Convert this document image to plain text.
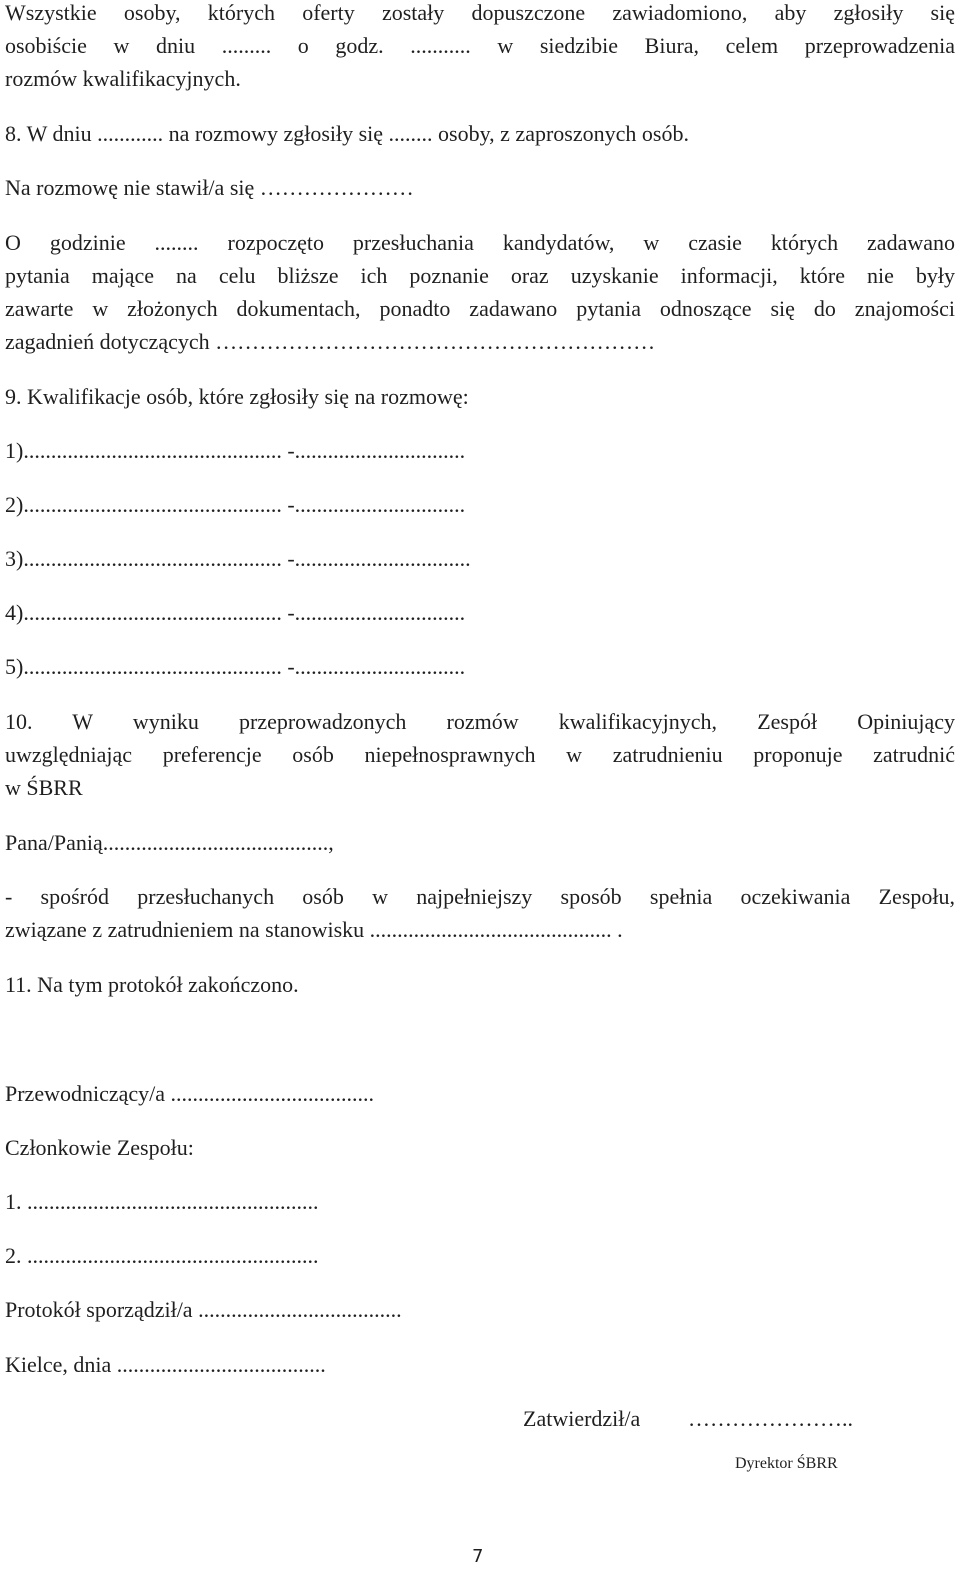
Wszystkie osoby, których oferty zostały dopuszczone zawiadomiono, aby zgłosiły się

osobiście w dniu ......... o godz. ........... w siedzibie Biura, celem przeprowadzenia

rozmów kwalifikacyjnych.

8. W dniu ............ na rozmowy zgłosiły się ........ osoby, z zaproszonych osób.

Na rozmowę nie stawił/a się …………………

O godzinie ........ rozpoczęto przesłuchania kandydatów, w czasie których zadawano

pytania mające na celu bliższe ich poznanie oraz uzyskanie informacji, które nie były

zawarte w złożonych dokumentach, ponadto zadawano pytania odnoszące się do znajomości

zagadnień dotyczących ……………………………………………………

9. Kwalifikacje osób, które zgłosiły się na rozmowę:

1)............................................... -...............................

2)............................................... -...............................

3)............................................... -................................

4)............................................... -...............................

5)............................................... -...............................

10. W wyniku przeprowadzonych rozmów kwalifikacyjnych, Zespół Opiniujący

uwzględniając preferencje osób niepełnosprawnych w zatrudnieniu proponuje zatrudnić

w ŚBRR

Pana/Panią.........................................,

- spośród przesłuchanych osób w najpełniejszy sposób spełnia oczekiwania Zespołu,

związane z zatrudnieniem na stanowisku ............................................ .

11. Na tym protokół zakończono.

Przewodniczący/a .....................................

Członkowie Zespołu:

1. .....................................................

2. .....................................................

Protokół sporządził/a .....................................

Kielce, dnia ......................................

Zatwierdził/a …………………..

Dyrektor ŚBRR

7
